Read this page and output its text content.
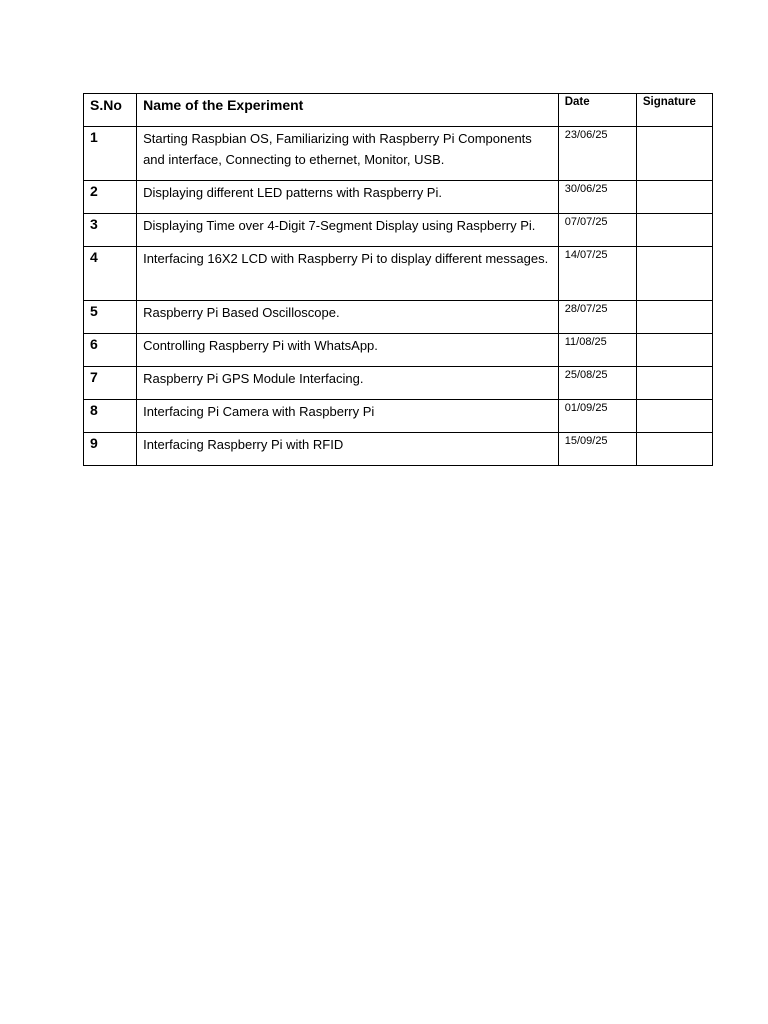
S.No	Name of the Experiment	Date	Signature
1	Starting Raspbian OS, Familiarizing with Raspberry Pi Components and interface, Connecting to ethernet, Monitor, USB.	23/06/25	
2	Displaying different LED patterns with Raspberry Pi.	30/06/25	
3	Displaying Time over 4-Digit 7-Segment Display using Raspberry Pi.	07/07/25	
4	Interfacing 16X2 LCD with Raspberry Pi to display different messages.	14/07/25	
5	Raspberry Pi Based Oscilloscope.	28/07/25	
6	Controlling Raspberry Pi with WhatsApp.	11/08/25	
7	Raspberry Pi GPS Module Interfacing.	25/08/25	
8	Interfacing Pi Camera with Raspberry Pi	01/09/25	
9	Interfacing Raspberry Pi with RFID	15/09/25	
